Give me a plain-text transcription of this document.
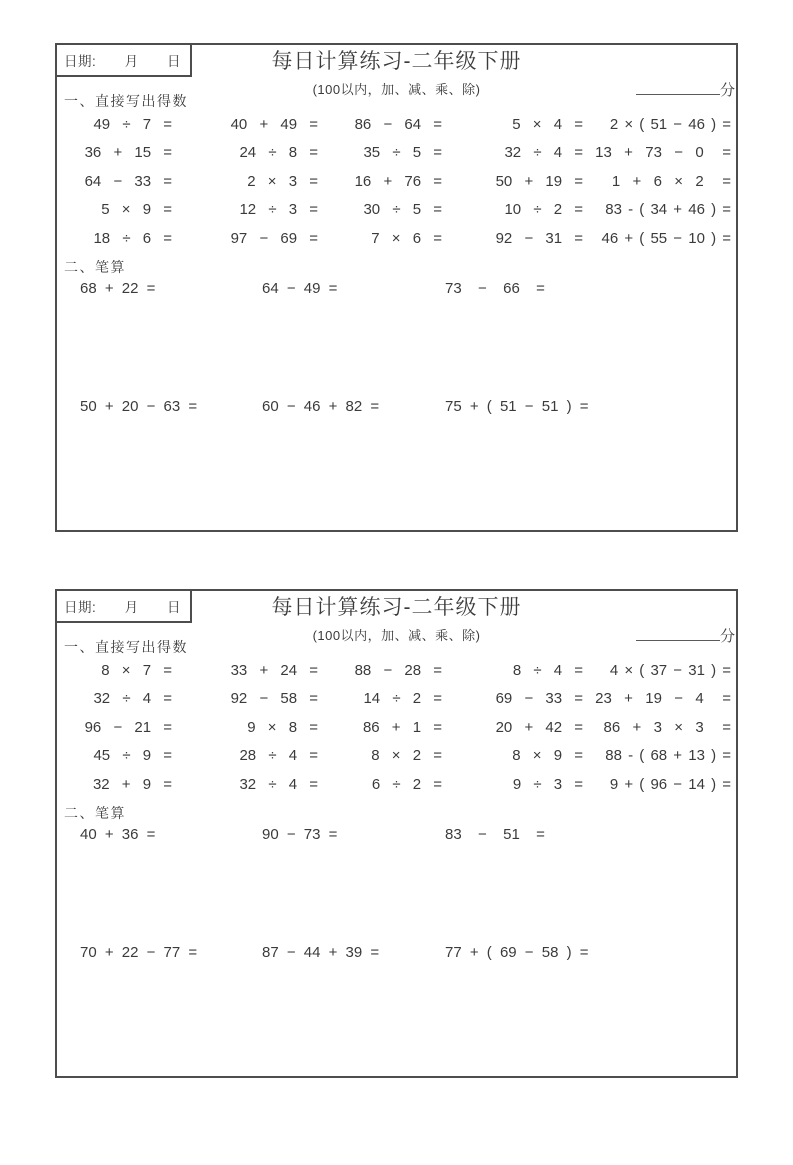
日期: 月 日	每日计算练习-二年级下册
(100以内，加、减、乘、除)	分
一、直接写出得数
49 ÷ 7 =	40 + 49 =	86 − 64 =	5 × 4 =	2 × ( 51 − 46 ) =
36 + 15 =	24 ÷ 8 =	35 ÷ 5 =	32 ÷ 4 = 13  +  73  −  0   =
64 − 33 =	2 × 3 =	16 + 76 =	50 + 19 =	1  +  6  ×  2   =
5 × 9 =	12 ÷ 3 =	30 ÷ 5 =	10 ÷ 2 =	83 - ( 34 + 46 ) =
18 ÷ 6 =	97 − 69 =	7 × 6 =	92 − 31 =	46 + ( 55 − 10 ) =
二、笔算
68 + 22 =	64 − 49 =	73  −  66  =
50 + 20 − 63 =	60 − 46 + 82 =	75 + ( 51 − 51 ) =
日期: 月 日	每日计算练习-二年级下册
(100以内，加、减、乘、除)	分
一、直接写出得数
8 × 7 =	33 + 24 =	88 − 28 =	8 ÷ 4 =	4 × ( 37 − 31 ) =
32 ÷ 4 =	92 − 58 =	14 ÷ 2 =	69 − 33 = 23  +  19  −  4   =
96 − 21 =	9 × 8 =	86 + 1 =	20 + 42 =	86  +  3  ×  3   =
45 ÷ 9 =	28 ÷ 4 =	8 × 2 =	8 × 9 =	88 - ( 68 + 13 ) =
32 + 9 =	32 ÷ 4 =	6 ÷ 2 =	9 ÷ 3 =	9 + ( 96 − 14 ) =
二、笔算
40 + 36 =	90 − 73 =	83  −  51  =
70 + 22 − 77 =	87 − 44 + 39 =	77 + ( 69 − 58 ) =
